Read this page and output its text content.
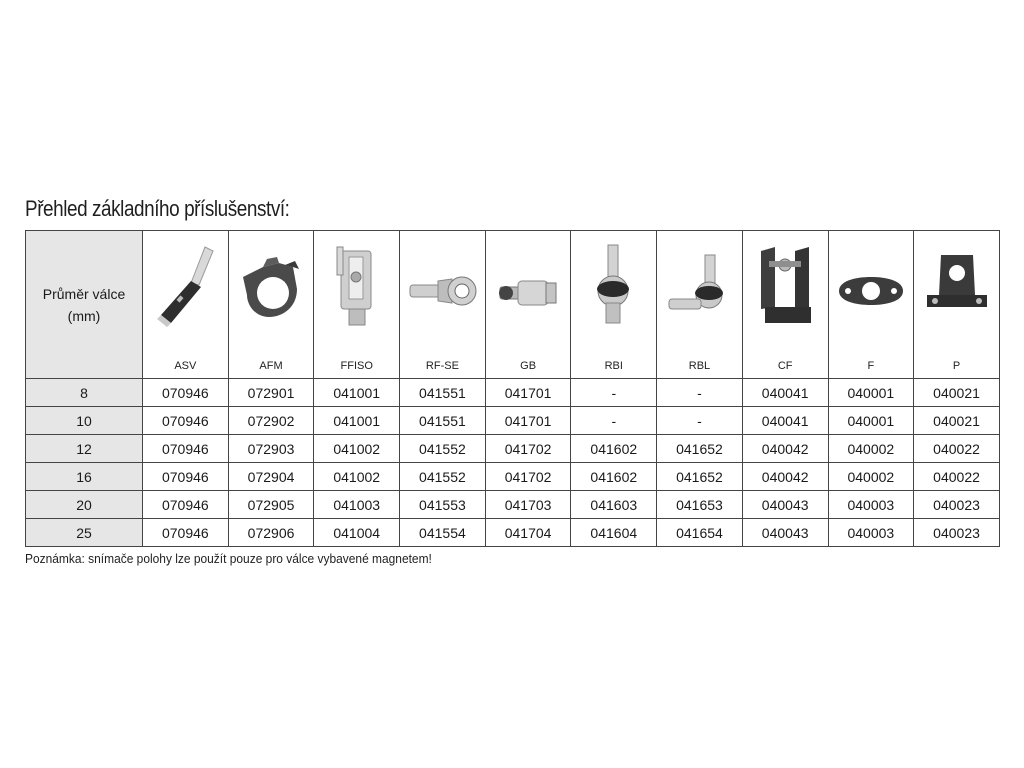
Přehled základního příslušenství:
Průměr válce
(mm)	ASV	AFM	FFISO	RF-SE	GB	RBI	RBL	CF	F	P

8	070946	072901	041001	041551	041701	-	-	040041	040001	040021
10	070946	072902	041001	041551	041701	-	-	040041	040001	040021
12	070946	072903	041002	041552	041702	041602	041652	040042	040002	040022
16	070946	072904	041002	041552	041702	041602	041652	040042	040002	040022
20	070946	072905	041003	041553	041703	041603	041653	040043	040003	040023
25	070946	072906	041004	041554	041704	041604	041654	040043	040003	040023
Poznámka: snímače polohy lze použít pouze pro válce vybavené magnetem!
